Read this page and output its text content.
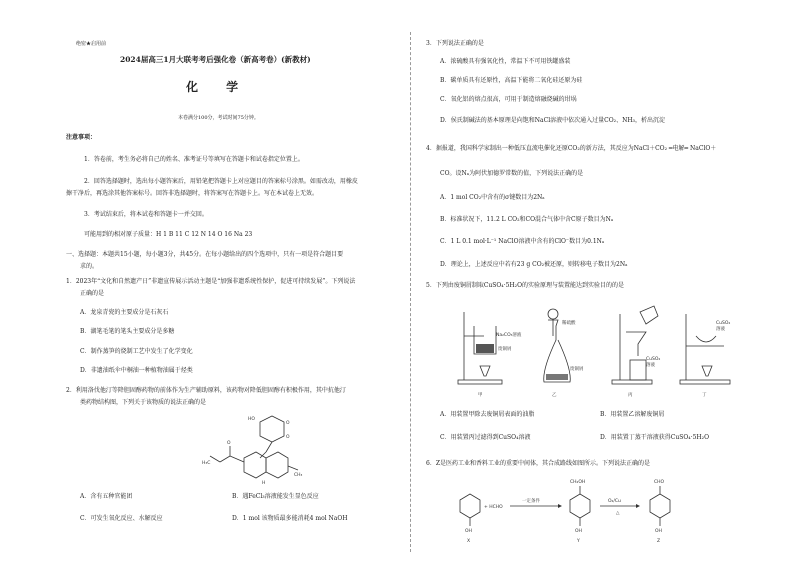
绝密★启用前
2024届高三1月大联考考后强化卷（新高考卷）(新教材)
化 学
本卷满分100分，考试时间75分钟。
注意事项：
1．答卷前，考生务必将自己的姓名、准考证号等填写在答题卡和试卷指定位置上。
2．回答选择题时，选出每小题答案后，用铅笔把答题卡上对应题目的答案标号涂黑。如需改动，用橡皮
擦干净后，再选涂其他答案标号。回答非选择题时，将答案写在答题卡上。写在本试卷上无效。
3．考试结束后，将本试卷和答题卡一并交回。
可能用到的相对原子质量：H 1 B 11 C 12 N 14 O 16 Na 23
一、选择题：本题共15小题，每小题3分，共45分。在每小题给出的四个选项中，只有一项是符合题目要
求的。
1．2023年“文化和自然遗产日”非遗宣传展示活动主题是“加强非遗系统性保护，促进可持续发展”。下列说法
正确的是
A．龙泉青瓷的主要成分是石灰石
B．湖笔毛笔的笔头主要成分是多糖
C．制作蒸笋的烧制工艺中发生了化学变化
D．非遗油纸伞中桐油一种植物油属于烃类
2．利用洛伐他汀等降胆固醇药物的前体作为生产辅助原料，该药物对降低胆固醇有积极作用，其中抗他汀
类药物结构图，下列关于该物质的说法正确的是
HO
O
O
H₃C
O
H
CH₃
A．含有五种官能团	B．遇FeCl₃溶液能发生显色反应
C．可发生氧化反应、水解反应	D．1 mol 该物质最多能消耗4 mol NaOH
3．下列说法正确的是
A．浓硫酸具有强氧化性，常温下不可用铁罐盛装
B．碳单质具有还原性，高温下能将二氧化硅还原为硅
C．氧化铝的熔点很高，可用于制造熔融烧碱的坩埚
D．侯氏制碱法的基本原理是向饱和NaCl溶液中依次通入过量CO₂、NH₃，析出沉淀
4．据报道，我国科学家制出一种低压直流电催化还原CO₂的新方法，其反应为NaCl＋CO₂ ═电解═ NaClO＋
CO。设Nₐ为阿伏加德罗常数的值，下列说法正确的是
A．1 mol CO₂中含有的σ键数目为2Nₐ
B．标准状况下，11.2 L CO₂和CO混合气体中含C原子数目为Nₐ
C．1 L 0.1 mol·L⁻¹ NaClO溶液中含有的ClO⁻数目为0.1Nₐ
D．理论上，上述反应中若有23 g CO₂被还原，则转移电子数目为2Nₐ
5．下列由废铜屑制取CuSO₄·5H₂O的实验原理与装置能达到实验目的的是
Na₂CO₃溶液
废铜屑
甲
稀硫酸
废铜屑
乙
CuSO₄
溶液
丙
CuSO₄
溶液
丁
A．用装置甲除去废铜屑表面的油脂	B．用装置乙溶解废铜屑
C．用装置丙过滤得到CuSO₄溶液	D．用装置丁蒸干溶液获得CuSO₄·5H₂O
6．Z是医药工业和香料工业的重要中间体，其合成路线如图所示。下列说法正确的是
OH
X
+ HCHO
一定条件
CH₂OH
OH
Y
O₂/Cu
△
CHO
OH
Z
